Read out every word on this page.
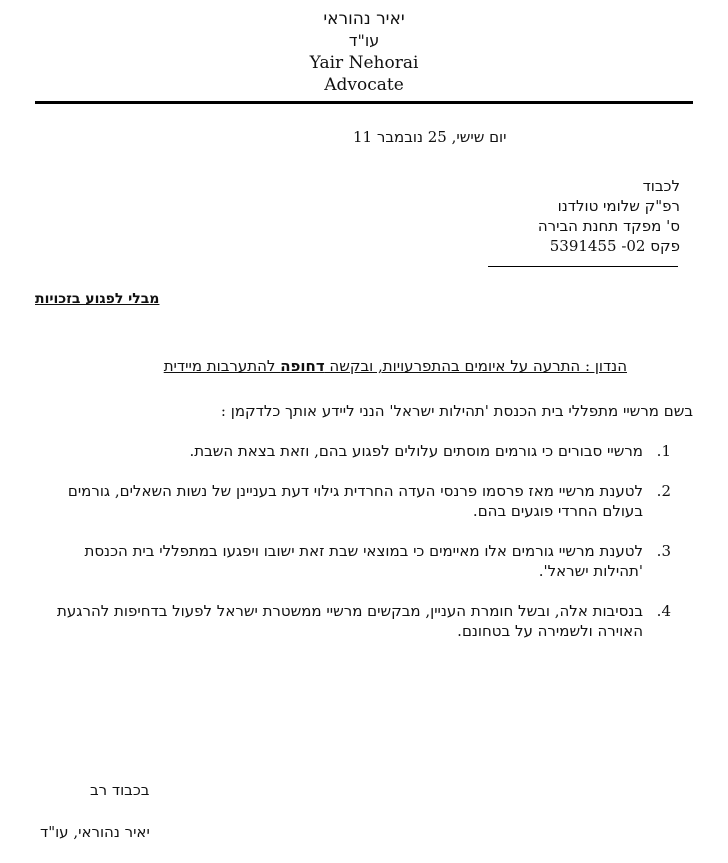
יאיר נהוראי
עו"ד
Yair Nehorai
Advocate
יום שישי, 25 נובמבר 11
לכבוד
רפ"ק שלומי טולדנו
ס' מפקד תחנת הבירה
פקס 02- 5391455
מבלי לפגוע בזכויות
הנדון : התרעה על איומים בהתפרעויות, ובקשה דחופה להתערבות מיידית
בשם מרשיי מתפללי בית הכנסת 'תהילות ישראל' הנני ליידע אותך כלדקמן :
1.
מרשיי סבורים כי גורמים מוסתים עלולים לפגוע בהם, וזאת בצאת השבת.
2.
לטענת מרשיי מאז פרסמו פרנסי העדה החרדית גילוי דעת בעניינן של נשות השאלים, גורמים בעולם החרדי פוגעים בהם.
3.
לטענת מרשיי גורמים אלו מאיימים כי במוצאי שבת זאת ישובו ויפגעו במתפללי בית הכנסת 'תהילות ישראל'.
4.
בנסיבות אלה, ובשל חומרת העניין, מבקשים מרשיי ממשטרת ישראל לפעול בדחיפות להרגעת האוירה ולשמירה על בטחונם.
בכבוד רב
יאיר נהוראי, עו"ד
